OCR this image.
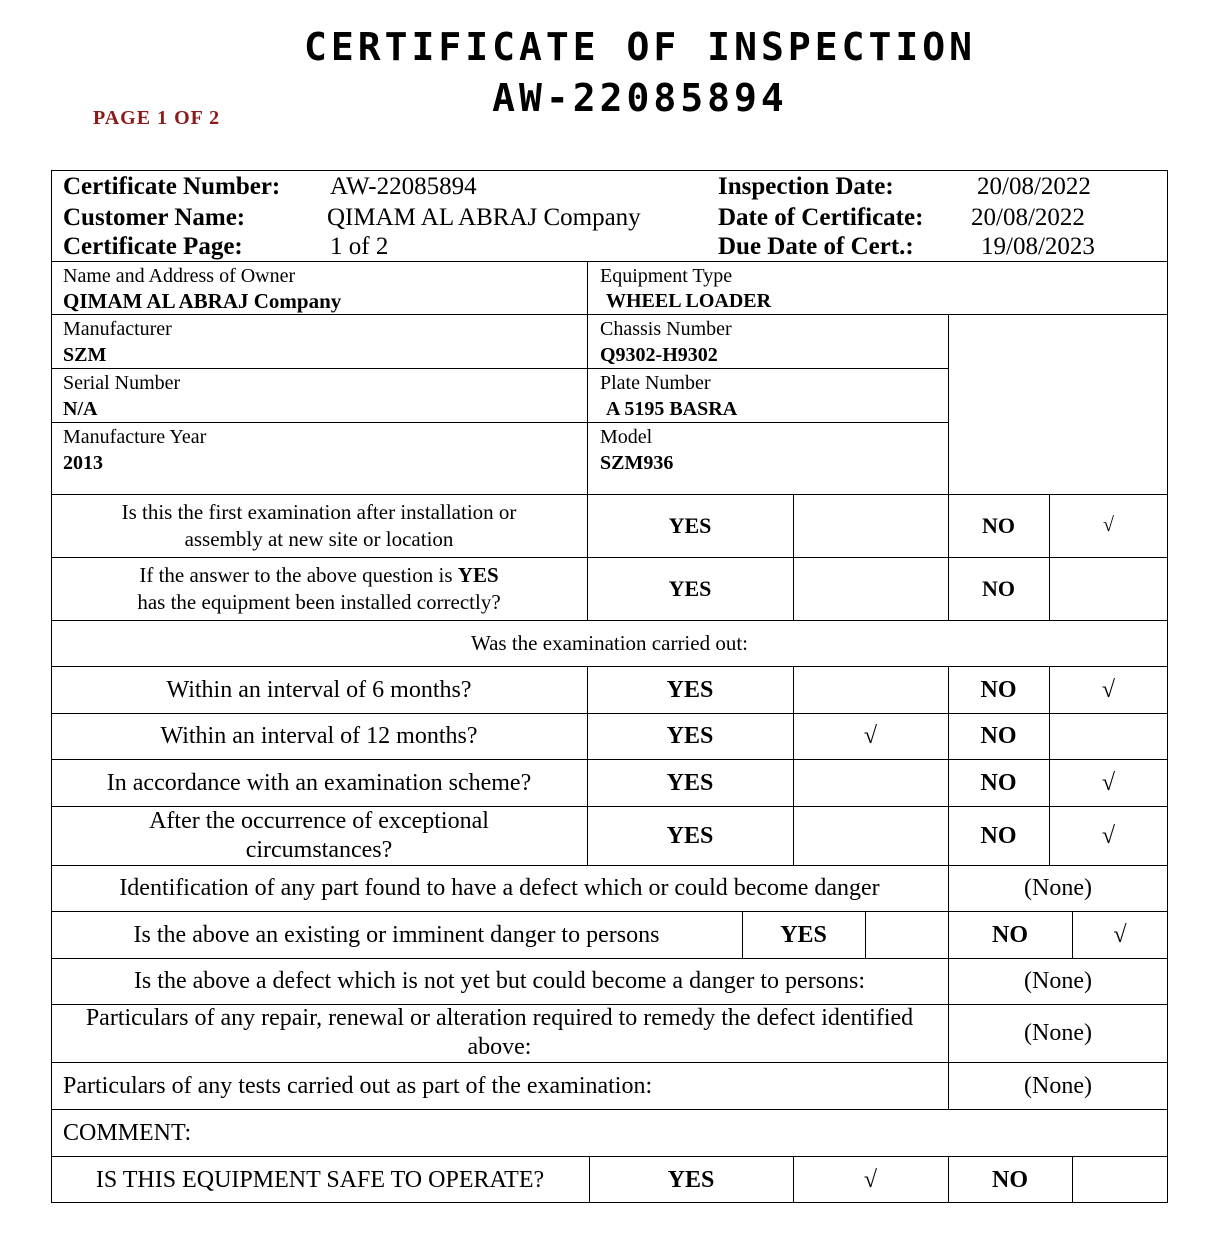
CERTIFICATE OF INSPECTION
AW-22085894
PAGE 1 OF 2
Certificate Number: AW-22085894
Customer Name:	QIMAM AL ABRAJ Company
Certificate Page:	1 of 2
Inspection Date:	20/08/2022
Date of Certificate: 20/08/2022
Due Date of Cert.:	19/08/2023
Name and Address of Owner
QIMAM AL ABRAJ Company
Equipment Type
WHEEL LOADER
Manufacturer
SZM
Chassis Number
Q9302-H9302
Serial Number
N/A
Plate Number
A 5195 BASRA
Manufacture Year
2013
Model
SZM936
Is this the first examination after installation or
assembly at new site or location
YES	NO	√
If the answer to the above question is YES
has the equipment been installed correctly?
YES	NO
Was the examination carried out:
Within an interval of 6 months?	YES	NO	√
Within an interval of 12 months?	YES	√	NO
In accordance with an examination scheme?	YES	NO	√
After the occurrence of exceptional
circumstances?
YES	NO	√
Identification of any part found to have a defect which or could become danger	(None)
Is the above an existing or imminent danger to persons	YES	NO	√
Is the above a defect which is not yet but could become a danger to persons:	(None)
Particulars of any repair, renewal or alteration required to remedy the defect identified
above:
(None)
Particulars of any tests carried out as part of the examination:	(None)
COMMENT:
IS THIS EQUIPMENT SAFE TO OPERATE?	YES	√	NO
